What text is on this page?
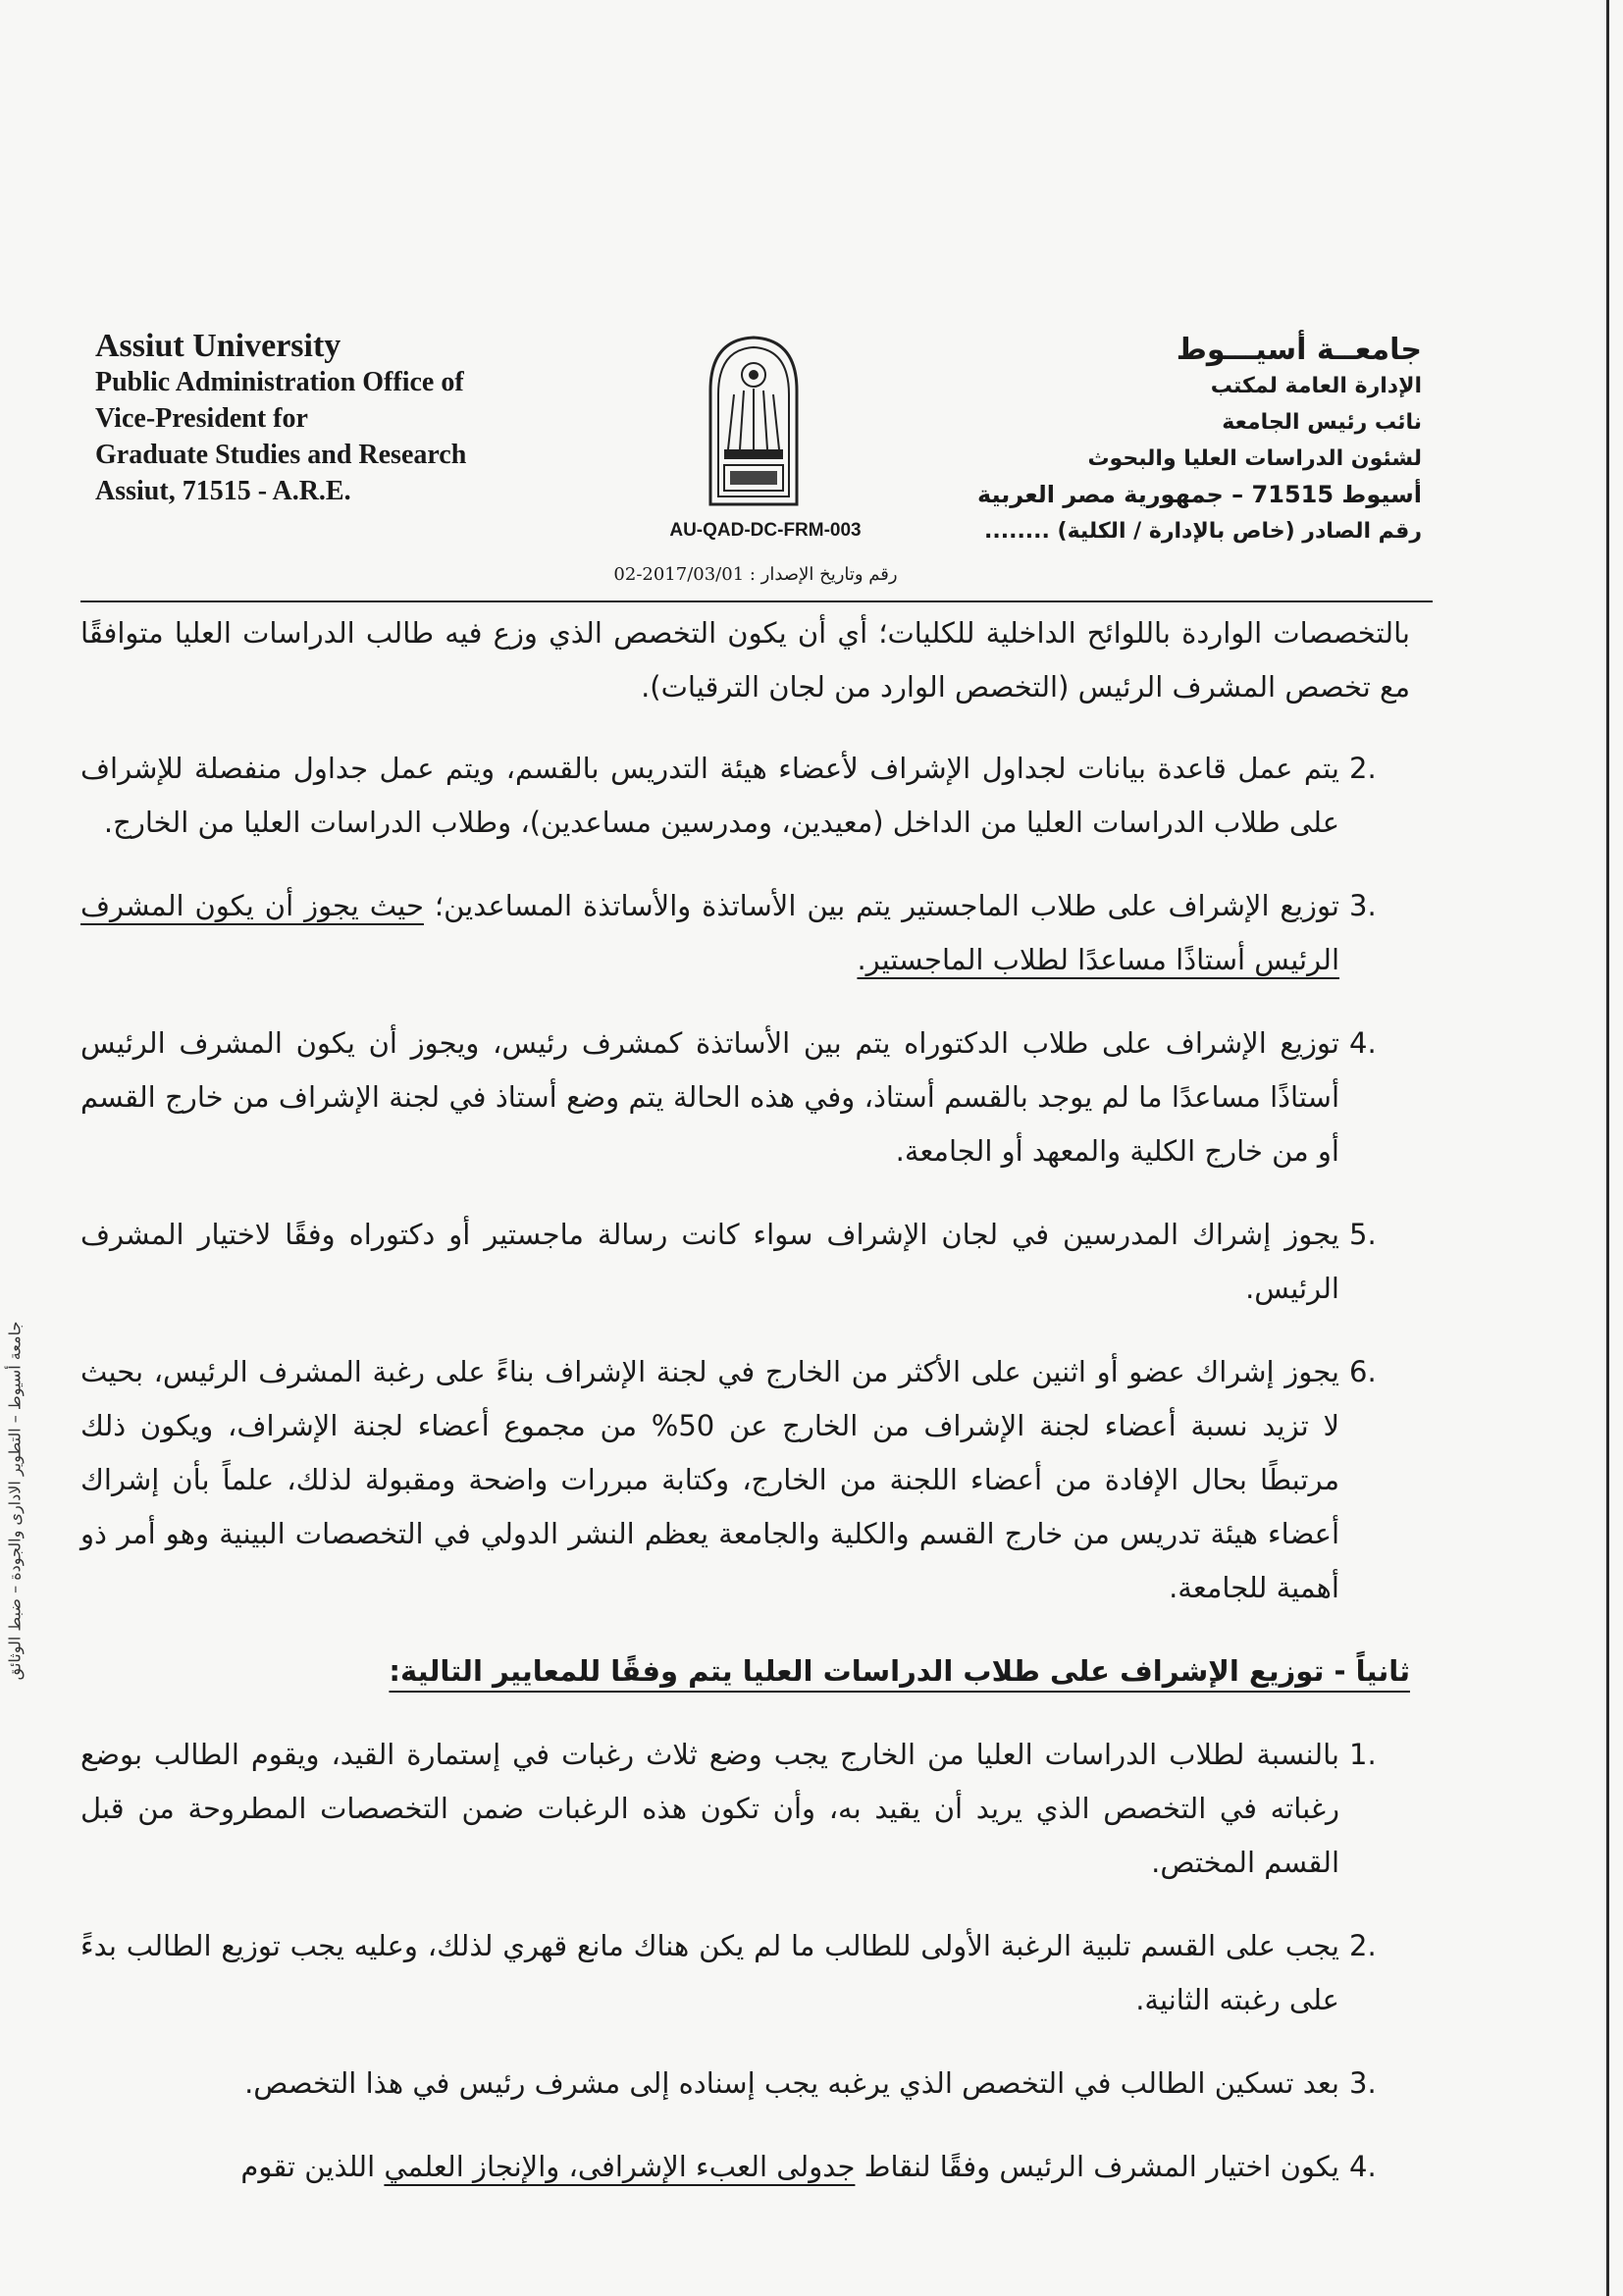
Assiut University
Public Administration Office of
Vice-President for
Graduate Studies and Research
Assiut, 71515 - A.R.E.
جامعــة أسيـــوط
الإدارة العامة لمكتب
نائب رئيس الجامعة
لشئون الدراسات العليا والبحوث
أسيوط 71515 – جمهورية مصر العربية
رقم الصادر (خاص بالإدارة / الكلية) ........
AU-QAD-DC-FRM-003
رقم وتاريخ الإصدار : 2017/03/01-02

بالتخصصات الواردة باللوائح الداخلية للكليات؛ أي أن يكون التخصص الذي وزع فيه طالب الدراسات العليا متوافقًا مع تخصص المشرف الرئيس (التخصص الوارد من لجان الترقيات).

2.
يتم عمل قاعدة بيانات لجداول الإشراف لأعضاء هيئة التدريس بالقسم، ويتم عمل جداول منفصلة للإشراف على طلاب الدراسات العليا من الداخل (معيدين، ومدرسين مساعدين)، وطلاب الدراسات العليا من الخارج.
3.
توزيع الإشراف على طلاب الماجستير يتم بين الأساتذة والأساتذة المساعدين؛ حيث يجوز أن يكون المشرف الرئيس أستاذًا مساعدًا لطلاب الماجستير.
4.
توزيع الإشراف على طلاب الدكتوراه يتم بين الأساتذة كمشرف رئيس، ويجوز أن يكون المشرف الرئيس أستاذًا مساعدًا ما لم يوجد بالقسم أستاذ، وفي هذه الحالة يتم وضع أستاذ في لجنة الإشراف من خارج القسم أو من خارج الكلية والمعهد أو الجامعة.
5.
يجوز إشراك المدرسين في لجان الإشراف سواء كانت رسالة ماجستير أو دكتوراه وفقًا لاختيار المشرف الرئيس.
6.
يجوز إشراك عضو أو اثنين على الأكثر من الخارج في لجنة الإشراف بناءً على رغبة المشرف الرئيس، بحيث لا تزيد نسبة أعضاء لجنة الإشراف من الخارج عن 50% من مجموع أعضاء لجنة الإشراف، ويكون ذلك مرتبطًا بحال الإفادة من أعضاء اللجنة من الخارج، وكتابة مبررات واضحة ومقبولة لذلك، علماً بأن إشراك أعضاء هيئة تدريس من خارج القسم والكلية والجامعة يعظم النشر الدولي في التخصصات البينية وهو أمر ذو أهمية للجامعة.
ثانياً - توزيع الإشراف على طلاب الدراسات العليا يتم وفقًا للمعايير التالية:
1.
بالنسبة لطلاب الدراسات العليا من الخارج يجب وضع ثلاث رغبات في إستمارة القيد، ويقوم الطالب بوضع رغباته في التخصص الذي يريد أن يقيد به، وأن تكون هذه الرغبات ضمن التخصصات المطروحة من قبل القسم المختص.
2.
يجب على القسم تلبية الرغبة الأولى للطالب ما لم يكن هناك مانع قهري لذلك، وعليه يجب توزيع الطالب بدءً على رغبته الثانية.
3.
بعد تسكين الطالب في التخصص الذي يرغبه يجب إسناده إلى مشرف رئيس في هذا التخصص.
4.
يكون اختيار المشرف الرئيس وفقًا لنقاط جدولى العبء الإشرافى، والإنجاز العلمي اللذين تقوم
جامعة أسيوط – التطوير الادارى والجودة – ضبط الوثائق
